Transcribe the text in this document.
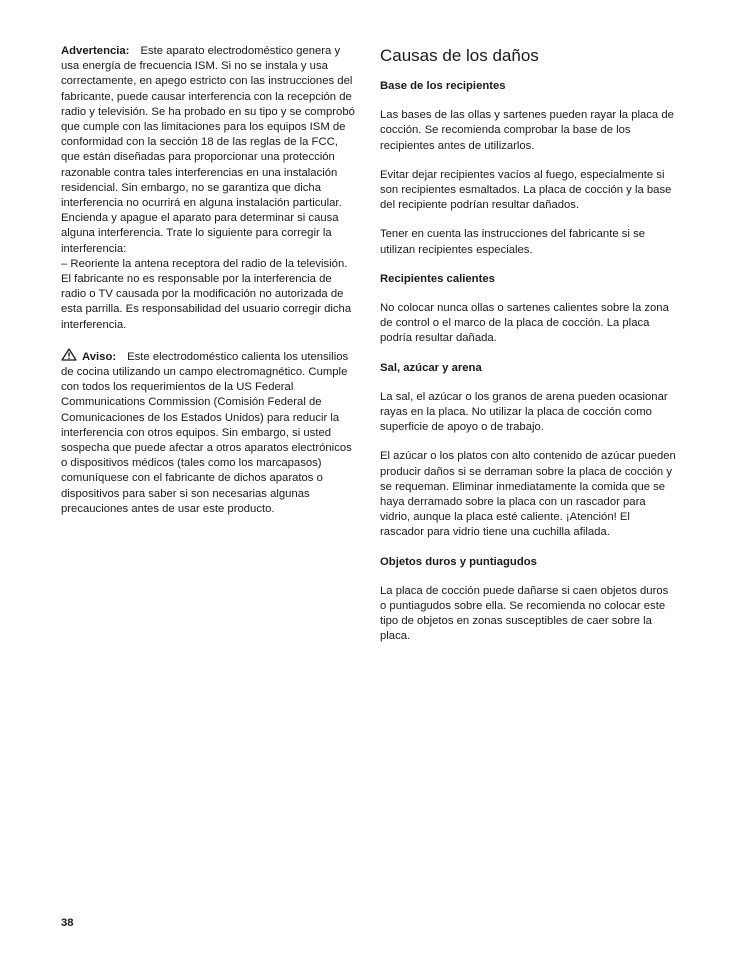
Advertencia: Este aparato electrodoméstico genera y usa energía de frecuencia ISM. Si no se instala y usa correctamente, en apego estricto con las instrucciones del fabricante, puede causar interferencia con la recepción de radio y televisión. Se ha probado en su tipo y se comprobó que cumple con las limitaciones para los equipos ISM de conformidad con la sección 18 de las reglas de la FCC, que están diseñadas para proporcionar una protección razonable contra tales interferencias en una instalación residencial. Sin embargo, no se garantiza que dicha interferencia no ocurrirá en alguna instalación particular.

Encienda y apague el aparato para determinar si causa alguna interferencia. Trate lo siguiente para corregir la interferencia:

– Reoriente la antena receptora del radio de la televisión. El fabricante no es responsable por la interferencia de radio o TV causada por la modificación no autorizada de esta parrilla. Es responsabilidad del usuario corregir dicha interferencia.

Aviso: Este electrodoméstico calienta los utensilios de cocina utilizando un campo electromagnético. Cumple con todos los requerimientos de la US Federal Communications Commission (Comisión Federal de Comunicaciones de los Estados Unidos) para reducir la interferencia con otros equipos. Sin embargo, si usted sospecha que puede afectar a otros aparatos electrónicos o dispositivos médicos (tales como los marcapasos) comuníquese con el fabricante de dichos aparatos o dispositivos para saber si son necesarias algunas precauciones antes de usar este producto.

Causas de los daños
Base de los recipientes

Las bases de las ollas y sartenes pueden rayar la placa de cocción. Se recomienda comprobar la base de los recipientes antes de utilizarlos.

Evitar dejar recipientes vacíos al fuego, especialmente si son recipientes esmaltados. La placa de cocción y la base del recipiente podrían resultar dañados.

Tener en cuenta las instrucciones del fabricante si se utilizan recipientes especiales.

Recipientes calientes

No colocar nunca ollas o sartenes calientes sobre la zona de control o el marco de la placa de cocción. La placa podría resultar dañada.

Sal, azúcar y arena

La sal, el azúcar o los granos de arena pueden ocasionar rayas en la placa. No utilizar la placa de cocción como superficie de apoyo o de trabajo.

El azúcar o los platos con alto contenido de azúcar pueden producir daños si se derraman sobre la placa de cocción y se requeman. Eliminar inmediatamente la comida que se haya derramado sobre la placa con un rascador para vidrio, aunque la placa esté caliente. ¡Atención! El rascador para vidrio tiene una cuchilla afilada.

Objetos duros y puntiagudos

La placa de cocción puede dañarse si caen objetos duros o puntiagudos sobre ella. Se recomienda no colocar este tipo de objetos en zonas susceptibles de caer sobre la placa.

38
